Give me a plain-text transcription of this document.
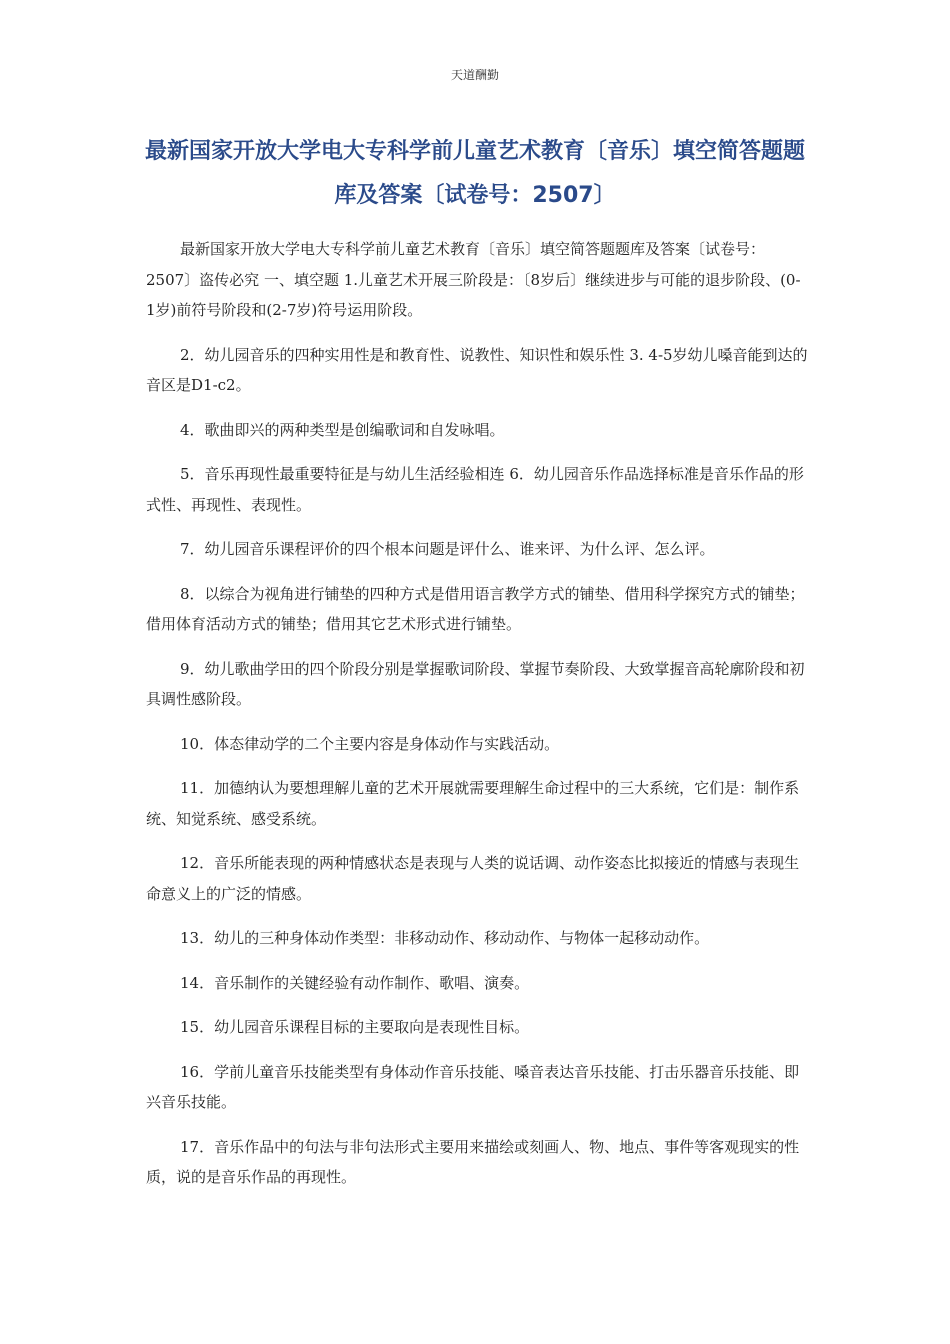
天道酬勤
最新国家开放大学电大专科学前儿童艺术教育〔音乐〕填空简答题题库及答案〔试卷号：2507〕

最新国家开放大学电大专科学前儿童艺术教育〔音乐〕填空简答题题库及答案〔试卷号：2507〕盗传必究 一、填空题 1.儿童艺术开展三阶段是：〔8岁后〕继续进步与可能的退步阶段、(0-1岁)前符号阶段和(2-7岁)符号运用阶段。

2．幼儿园音乐的四种实用性是和教育性、说教性、知识性和娱乐性 3. 4-5岁幼儿嗓音能到达的音区是D1-c2。

4．歌曲即兴的两种类型是创编歌词和自发咏唱。

5．音乐再现性最重要特征是与幼儿生活经验相连 6．幼儿园音乐作品选择标准是音乐作品的形式性、再现性、表现性。

7．幼儿园音乐课程评价的四个根本问题是评什么、谁来评、为什么评、怎么评。

8．以综合为视角进行铺垫的四种方式是借用语言教学方式的铺垫、借用科学探究方式的铺垫；借用体育活动方式的铺垫；借用其它艺术形式进行铺垫。

9．幼儿歌曲学田的四个阶段分别是掌握歌词阶段、掌握节奏阶段、大致掌握音高轮廓阶段和初具调性感阶段。

10．体态律动学的二个主要内容是身体动作与实践活动。

11．加德纳认为要想理解儿童的艺术开展就需要理解生命过程中的三大系统，它们是：制作系统、知觉系统、感受系统。

12．音乐所能表现的两种情感状态是表现与人类的说话调、动作姿态比拟接近的情感与表现生命意义上的广泛的情感。

13．幼儿的三种身体动作类型：非移动动作、移动动作、与物体一起移动动作。

14．音乐制作的关键经验有动作制作、歌唱、演奏。

15．幼儿园音乐课程目标的主要取向是表现性目标。

16．学前儿童音乐技能类型有身体动作音乐技能、嗓音表达音乐技能、打击乐器音乐技能、即兴音乐技能。

17．音乐作品中的句法与非句法形式主要用来描绘或刻画人、物、地点、事件等客观现实的性质，说的是音乐作品的再现性。
